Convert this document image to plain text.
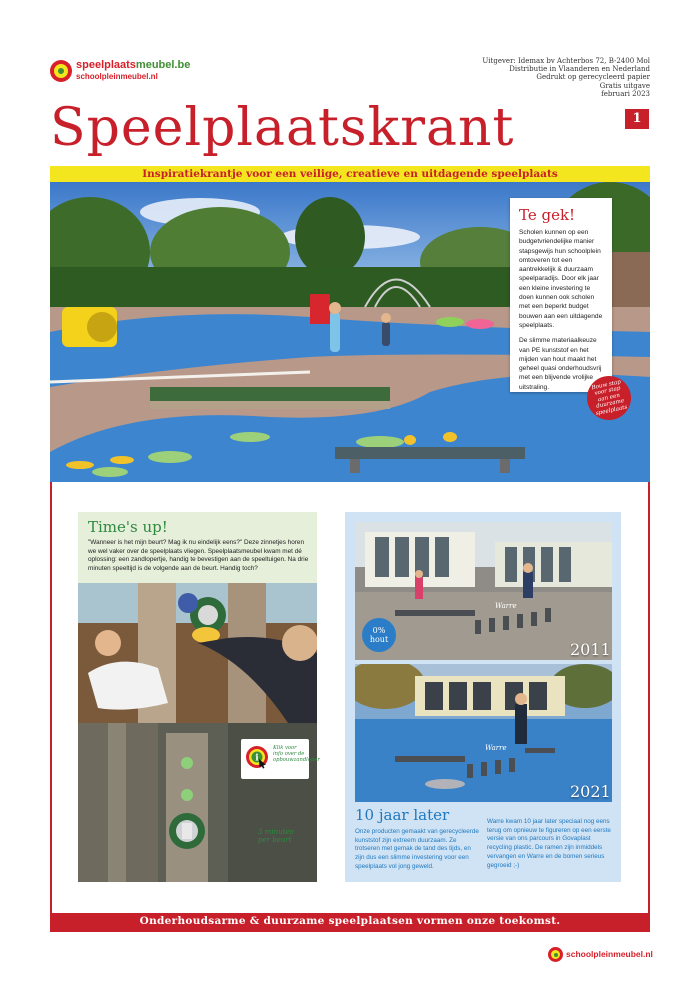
speelplaatsmeubel.be
schoolpleinmeubel.nl
Uitgever: Idemax bv Achterbos 72, B-2400 Mol
Distributie in Vlaanderen en Nederland
Gedrukt op gerecycleerd papier
Gratis uitgave
februari 2023
Speelplaatskrant	1
Inspiratiekrantje voor een veilige, creatieve en uitdagende speelplaats
Te gek!

Scholen kunnen op een budgetvriendelijke manier stapsgewijs hun schoolplein omtoveren tot een aantrekkelijk & duurzaam speelparadijs. Door elk jaar een kleine investering te doen kunnen ook scholen met een beperkt budget bouwen aan een uitdagende speelplaats.

De slimme materiaalkeuze van PE kunststof en het mijden van hout maakt het geheel quasi onderhoudsvrij met een blijvende vrolijke uitstraling.	Bouw stap voor stap aan een duurzame speelplaats
Time's up!
"Wanneer is het mijn beurt? Mag ik nu eindelijk eens?" Deze zinnetjes horen we wel vaker over de speelplaats vliegen. Speelplaatsmeubel kwam met dé oplossing: een zandlopertje, handig te bevestigen aan de speeltuigen. Na drie minuten speeltijd is de volgende aan de beurt. Handig toch?
i
Klik voor info over de opbouwzandloper
3 minuten per beurt
Warre
0%
hout
2011
Warre
2021
10 jaar later
Onze producten gemaakt van gerecycleerde kunststof zijn extreem duurzaam. Ze trotseren met gemak de tand des tijds, en zijn dus een slimme investering voor een speelplaats vol jong geweld.
Warre kwam 10 jaar later speciaal nog eens terug om opnieuw te figureren op een eerste versie van ons parcours in Govaplast recycling plastic. De ramen zijn inmiddels vervangen en Warre en de bomen serieus gegroeid ;-)
Onderhoudsarme & duurzame speelplaatsen vormen onze toekomst.
schoolpleinmeubel.nl
